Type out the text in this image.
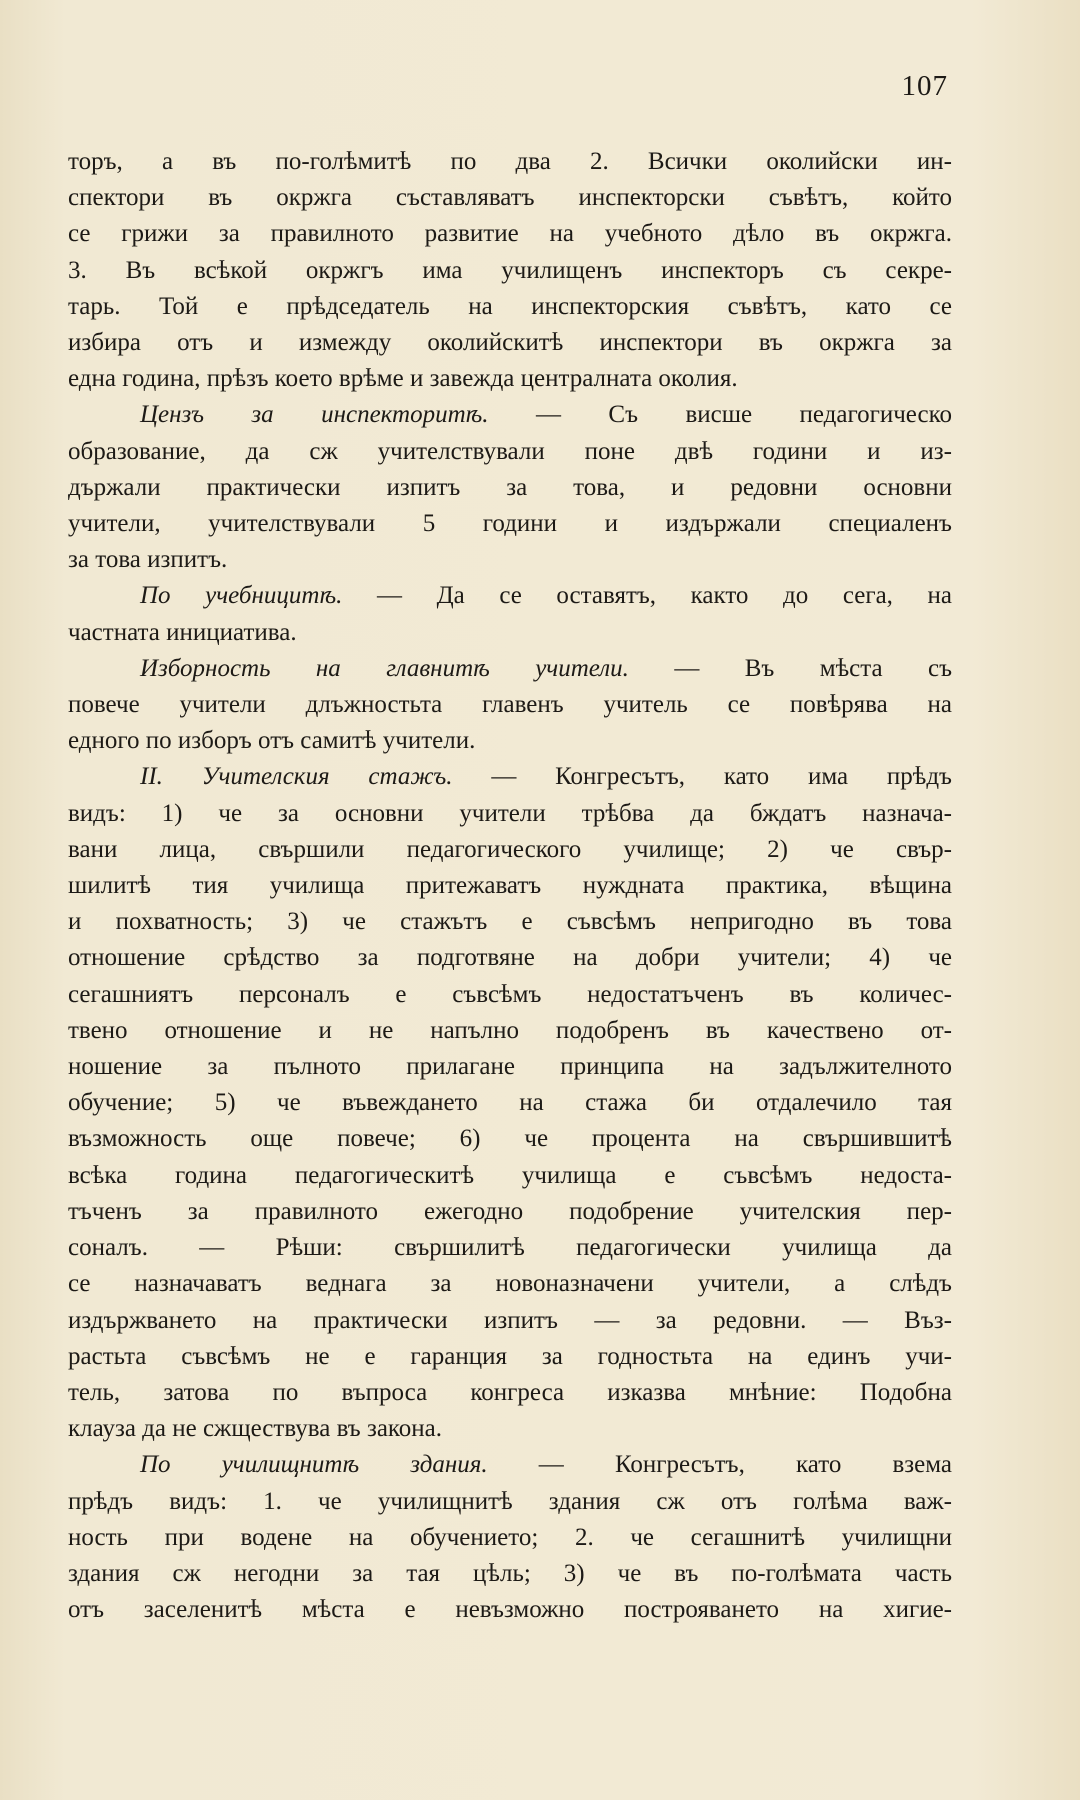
107
торъ, а въ по-голѣмитѣ по два 2. Всички околийски ин-
спектори въ окржга съставляватъ инспекторски съвѣтъ, който
се грижи за правилното развитие на учебното дѣло въ окржга.
3. Въ всѣкой окржгъ има училищенъ инспекторъ съ секре-
тарь. Той е прѣдседатель на инспекторския съвѣтъ, като се
избира отъ и измежду околийскитѣ инспектори въ окржга за
една година, прѣзъ което врѣме и завежда централната околия.
Цензъ за инспекторитѣ. — Съ висше педагогическо
образование, да сж учителствували поне двѣ години и из-
държали практически изпитъ за това, и редовни основни
учители, учителствували 5 години и издържали специаленъ
за това изпитъ.
По учебницитѣ. — Да се оставятъ, както до сега, на
частната инициатива.
Изборность на главнитѣ учители. — Въ мѣста съ
повече учители длъжностьта главенъ учитель се повѣрява на
едного по изборъ отъ самитѣ учители.
II. Учителския стажъ. — Конгресътъ, като има прѣдъ
видъ: 1) че за основни учители трѣбва да бждатъ назнача-
вани лица, свършили педагогического училище; 2) че свър-
шилитѣ тия училища притежаватъ нуждната практика, вѣщина
и похватность; 3) че стажътъ е съвсѣмъ непригодно въ това
отношение срѣдство за подготвяне на добри учители; 4) че
сегашниятъ персоналъ е съвсѣмъ недостатъченъ въ количес-
твено отношение и не напълно подобренъ въ качествено от-
ношение за пълното прилагане принципа на задължителното
обучение; 5) че въвеждането на стажа би отдалечило тая
възможность още повече; 6) че процента на свършившитѣ
всѣка година педагогическитѣ училища е съвсѣмъ недоста-
тъченъ за правилното ежегодно подобрение учителския пер-
соналъ. — Рѣши: свършилитѣ педагогически училища да
се назначаватъ веднага за новоназначени учители, а слѣдъ
издържването на практически изпитъ — за редовни. — Въз-
растьта съвсѣмъ не е гаранция за годностьта на единъ учи-
тель, затова по въпроса конгреса изказва мнѣние: Подобна
клауза да не сжществува въ закона.
По училищнитѣ здания. — Конгресътъ, като взема
прѣдъ видъ: 1. че училищнитѣ здания сж отъ голѣма важ-
ность при водене на обучението; 2. че сегашнитѣ училищни
здания сж негодни за тая цѣль; 3) че въ по-голѣмата часть
отъ заселенитѣ мѣста е невъзможно построяването на хигие-
